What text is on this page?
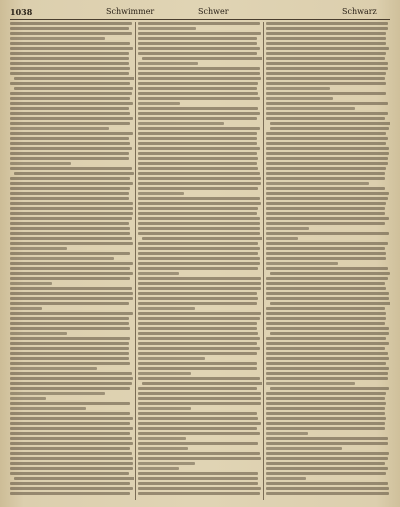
1038	Schwimmer	Schwer	Schwarz
